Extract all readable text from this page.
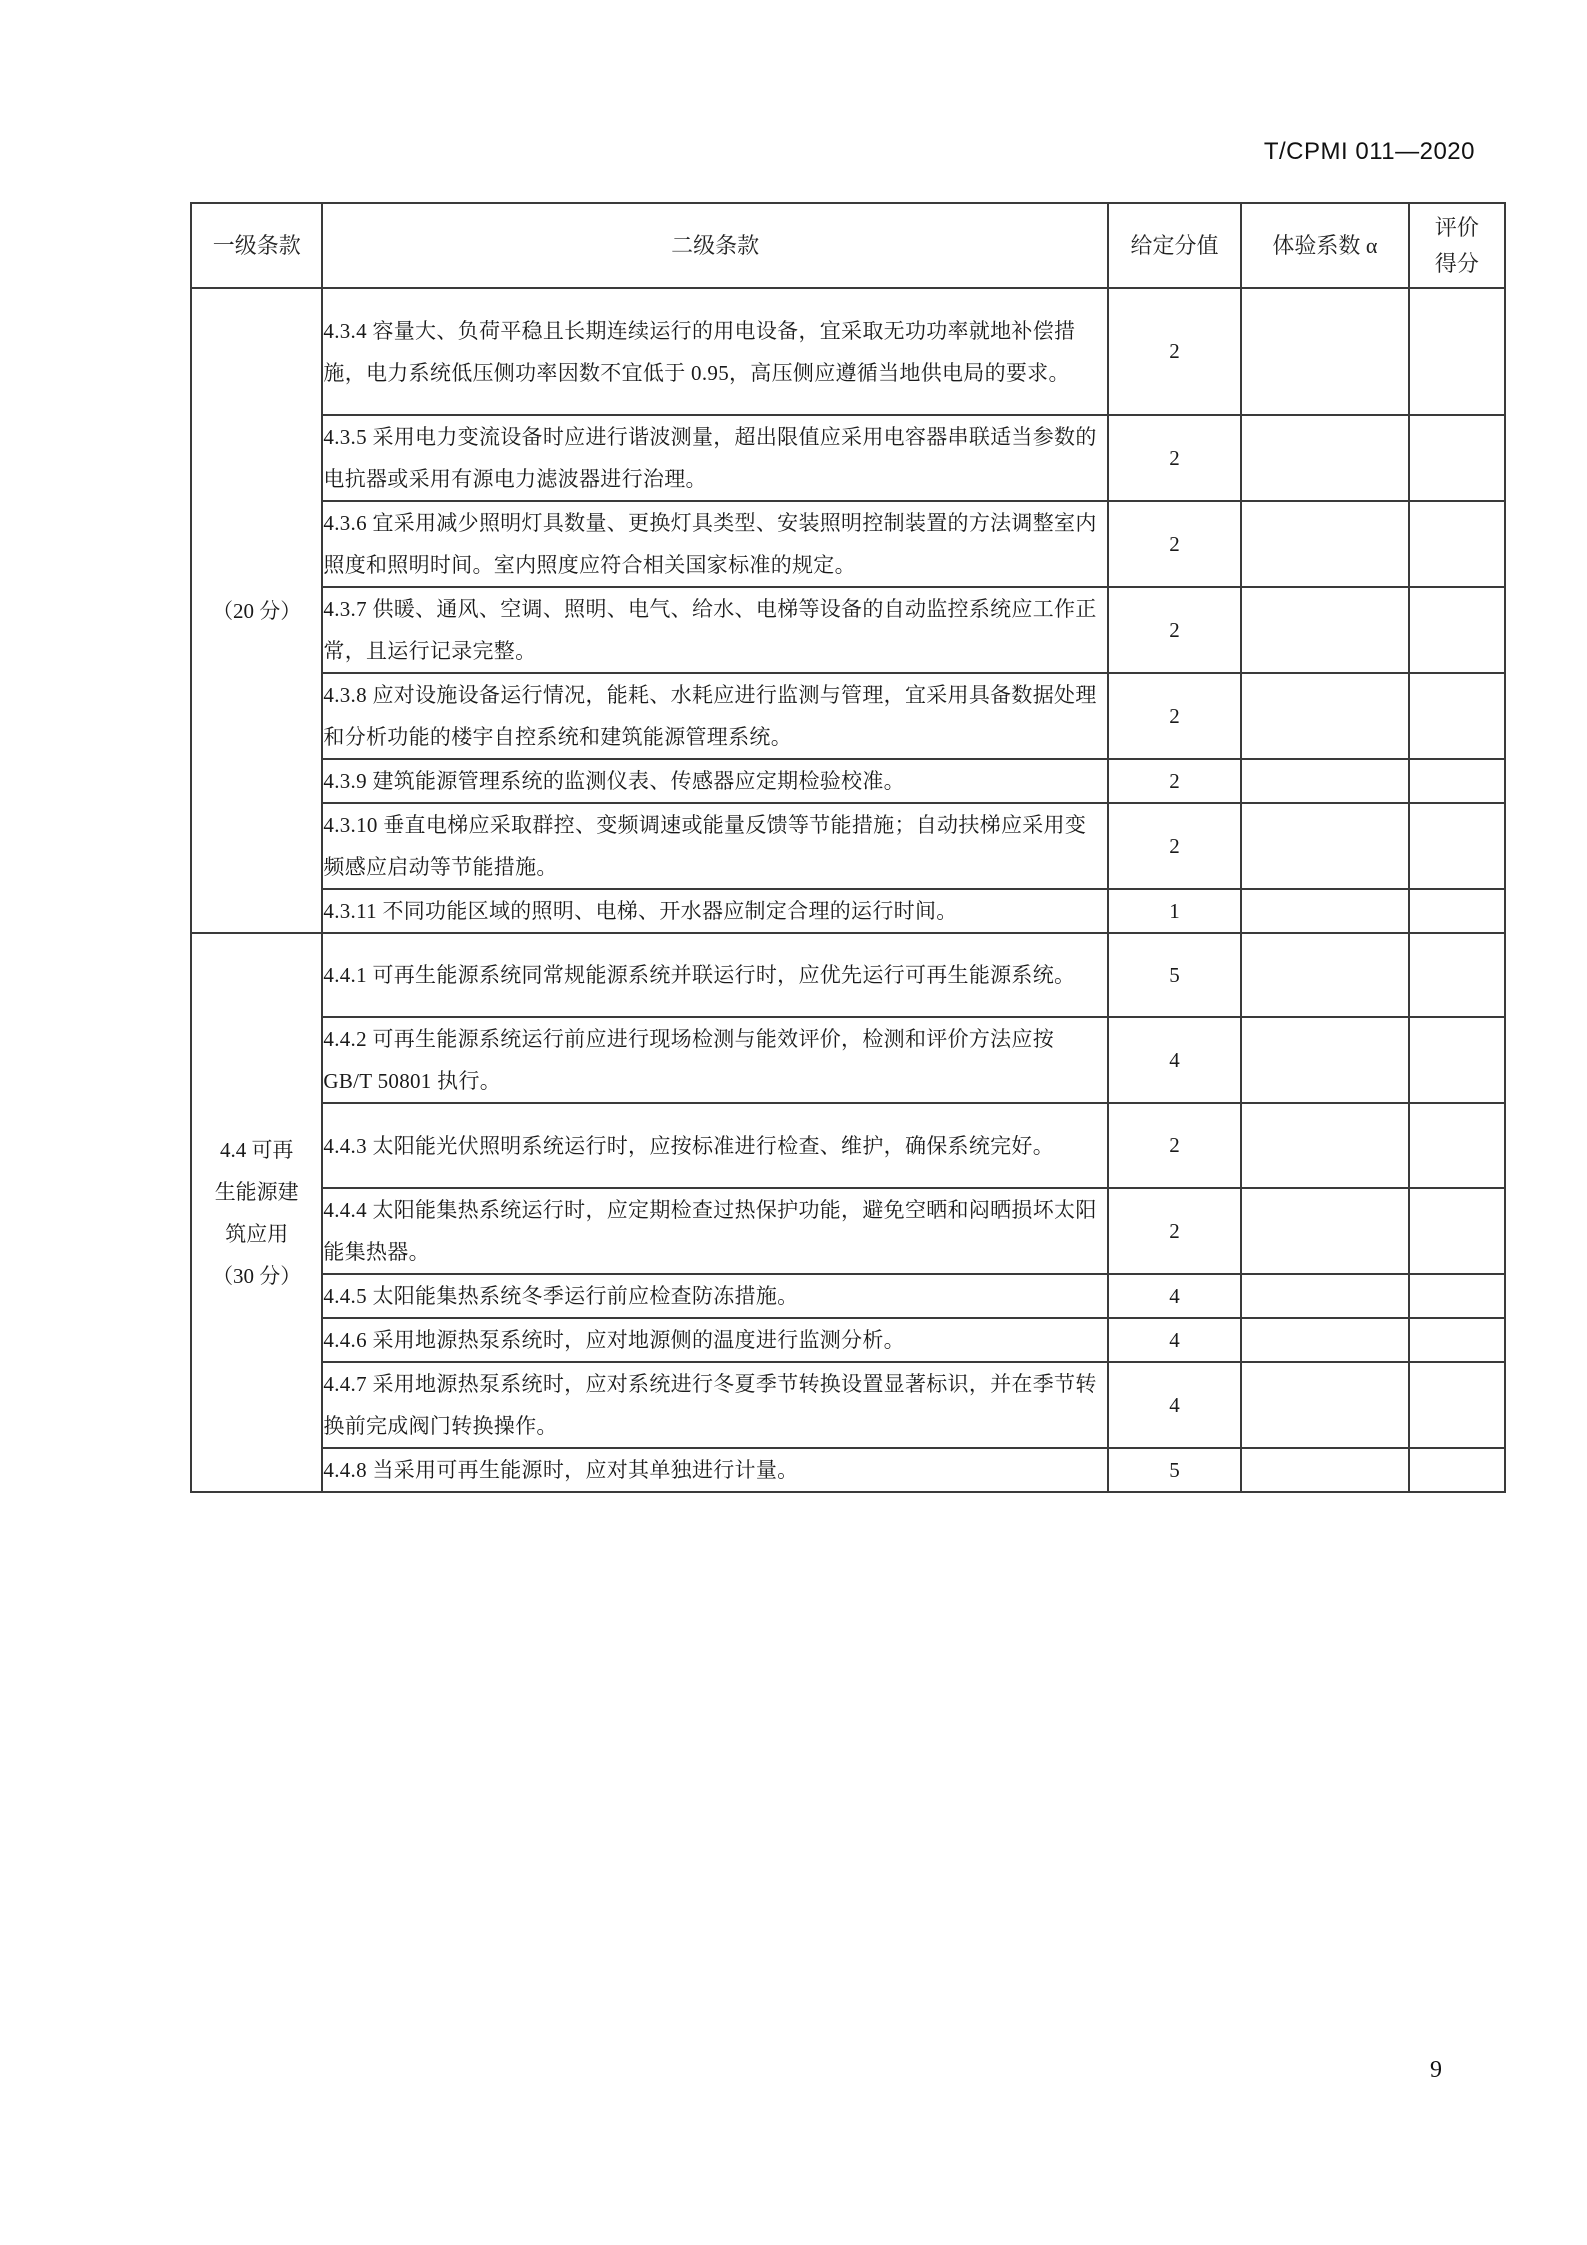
T/CPMI 011—2020
一级条款	二级条款	给定分值	体验系数 α	评价
得分

（20 分）	4.3.4 容量大、负荷平稳且长期连续运行的用电设备，宜采取无功功率就地补偿措施，电力系统低压侧功率因数不宜低于 0.95，高压侧应遵循当地供电局的要求。	2		
	4.3.5 采用电力变流设备时应进行谐波测量，超出限值应采用电容器串联适当参数的电抗器或采用有源电力滤波器进行治理。	2		
	4.3.6 宜采用减少照明灯具数量、更换灯具类型、安装照明控制装置的方法调整室内照度和照明时间。室内照度应符合相关国家标准的规定。	2		
	4.3.7 供暖、通风、空调、照明、电气、给水、电梯等设备的自动监控系统应工作正常，且运行记录完整。	2		
	4.3.8 应对设施设备运行情况，能耗、水耗应进行监测与管理，宜采用具备数据处理和分析功能的楼宇自控系统和建筑能源管理系统。	2		
	4.3.9 建筑能源管理系统的监测仪表、传感器应定期检验校准。	2		
	4.3.10 垂直电梯应采取群控、变频调速或能量反馈等节能措施；自动扶梯应采用变频感应启动等节能措施。	2		
	4.3.11 不同功能区域的照明、电梯、开水器应制定合理的运行时间。	1		

4.4 可再
生能源建
筑应用
（30 分）	4.4.1 可再生能源系统同常规能源系统并联运行时，应优先运行可再生能源系统。	5		
	4.4.2 可再生能源系统运行前应进行现场检测与能效评价，检测和评价方法应按 GB/T 50801 执行。	4		
	4.4.3 太阳能光伏照明系统运行时，应按标准进行检查、维护，确保系统完好。	2		
	4.4.4 太阳能集热系统运行时，应定期检查过热保护功能，避免空晒和闷晒损坏太阳能集热器。	2		
	4.4.5 太阳能集热系统冬季运行前应检查防冻措施。	4		
	4.4.6 采用地源热泵系统时，应对地源侧的温度进行监测分析。	4		
	4.4.7 采用地源热泵系统时，应对系统进行冬夏季节转换设置显著标识，并在季节转换前完成阀门转换操作。	4		
	4.4.8 当采用可再生能源时，应对其单独进行计量。	5		
9
